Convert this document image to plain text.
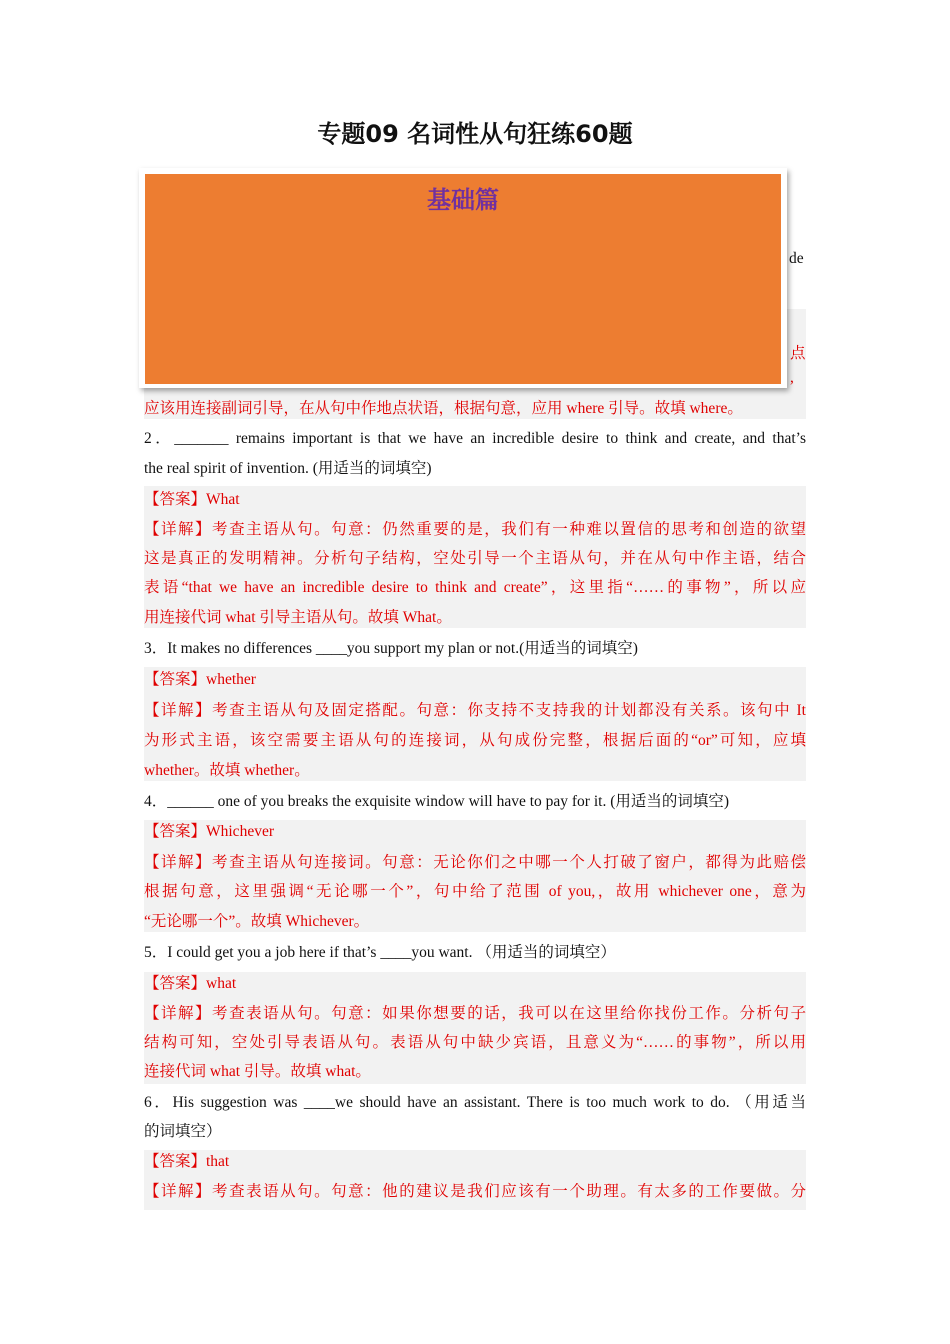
专题09 名词性从句狂练60题
应该用连接副词引导，在从句中作地点状语，根据句意，应用 where 引导。故填 where。
2．_______ remains important is that we have an incredible desire to think and create, and that’s
the real spirit of invention. (用适当的词填空)
【答案】What
【详解】考查主语从句。句意：仍然重要的是，我们有一种难以置信的思考和创造的欲望
这是真正的发明精神。分析句子结构，空处引导一个主语从句，并在从句中作主语，结合
表语“that we have an incredible desire to think and create”，这里指“……的事物”，所以应
用连接代词 what 引导主语从句。故填 What。
3．It makes no differences ____you support my plan or not.(用适当的词填空)
【答案】whether
【详解】考查主语从句及固定搭配。句意：你支持不支持我的计划都没有关系。该句中 It
为形式主语，该空需要主语从句的连接词，从句成份完整，根据后面的“or”可知，应填
whether。故填 whether。
4．______ one of you breaks the exquisite window will have to pay for it. (用适当的词填空)
【答案】Whichever
【详解】考查主语从句连接词。句意：无论你们之中哪一个人打破了窗户，都得为此赔偿
根据句意，这里强调“无论哪一个”，句中给了范围 of you,，故用 whichever one，意为
“无论哪一个”。故填 Whichever。
5．I could get you a job here if that’s ____you want. （用适当的词填空）
【答案】what
【详解】考查表语从句。句意：如果你想要的话，我可以在这里给你找份工作。分析句子
结构可知，空处引导表语从句。表语从句中缺少宾语，且意义为“……的事物”，所以用
连接代词 what 引导。故填 what。
6．His suggestion was ____we should have an assistant. There is too much work to do. （用适当
的词填空）
【答案】that
【详解】考查表语从句。句意：他的建议是我们应该有一个助理。有太多的工作要做。分
de
点
,
基础篇
